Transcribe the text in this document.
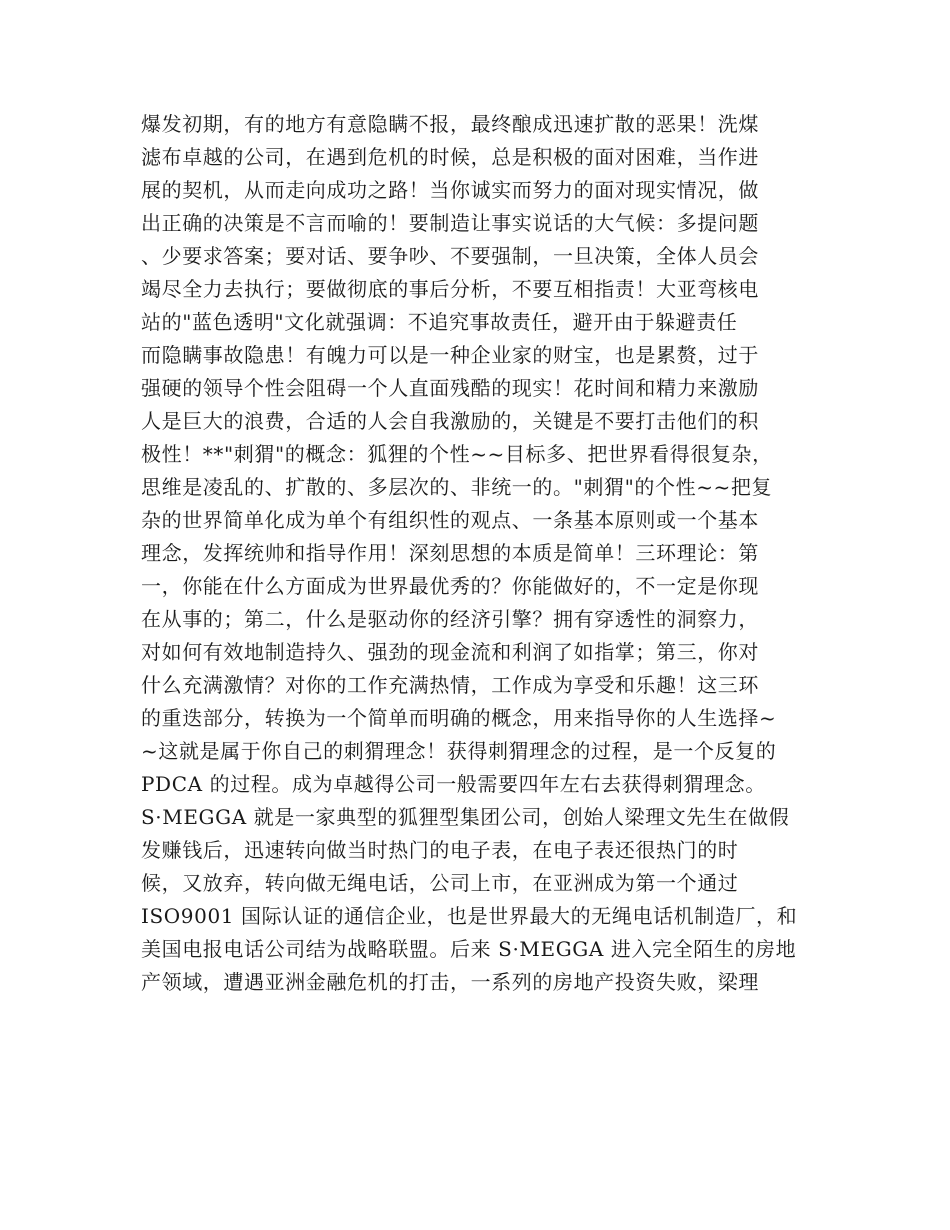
爆发初期，有的地方有意隐瞒不报，最终酿成迅速扩散的恶果！洗煤
滤布卓越的公司，在遇到危机的时候，总是积极的面对困难，当作进
展的契机，从而走向成功之路！当你诚实而努力的面对现实情况，做
出正确的决策是不言而喻的！要制造让事实说话的大气候：多提问题
、少要求答案；要对话、要争吵、不要强制，一旦决策，全体人员会
竭尽全力去执行；要做彻底的事后分析，不要互相指责！大亚弯核电
站的"蓝色透明"文化就强调：不追究事故责任，避开由于躲避责任
而隐瞒事故隐患！有魄力可以是一种企业家的财宝，也是累赘，过于
强硬的领导个性会阻碍一个人直面残酷的现实！花时间和精力来激励
人是巨大的浪费，合适的人会自我激励的，关键是不要打击他们的积
极性！**"刺猬"的概念：狐狸的个性~~目标多、把世界看得很复杂，
思维是凌乱的、扩散的、多层次的、非统一的。"刺猬"的个性~~把复
杂的世界简单化成为单个有组织性的观点、一条基本原则或一个基本
理念，发挥统帅和指导作用！深刻思想的本质是简单！三环理论：第
一，你能在什么方面成为世界最优秀的？你能做好的，不一定是你现
在从事的；第二，什么是驱动你的经济引擎？拥有穿透性的洞察力，
对如何有效地制造持久、强劲的现金流和利润了如指掌；第三，你对
什么充满激情？对你的工作充满热情，工作成为享受和乐趣！这三环
的重迭部分，转换为一个简单而明确的概念，用来指导你的人生选择~
~这就是属于你自己的刺猬理念！获得刺猬理念的过程，是一个反复的
PDCA 的过程。成为卓越得公司一般需要四年左右去获得刺猬理念。
S·MEGGA 就是一家典型的狐狸型集团公司，创始人梁理文先生在做假
发赚钱后，迅速转向做当时热门的电子表，在电子表还很热门的时
候，又放弃，转向做无绳电话，公司上市，在亚洲成为第一个通过
ISO9001 国际认证的通信企业，也是世界最大的无绳电话机制造厂，和
美国电报电话公司结为战略联盟。后来 S·MEGGA 进入完全陌生的房地
产领域，遭遇亚洲金融危机的打击，一系列的房地产投资失败，梁理
